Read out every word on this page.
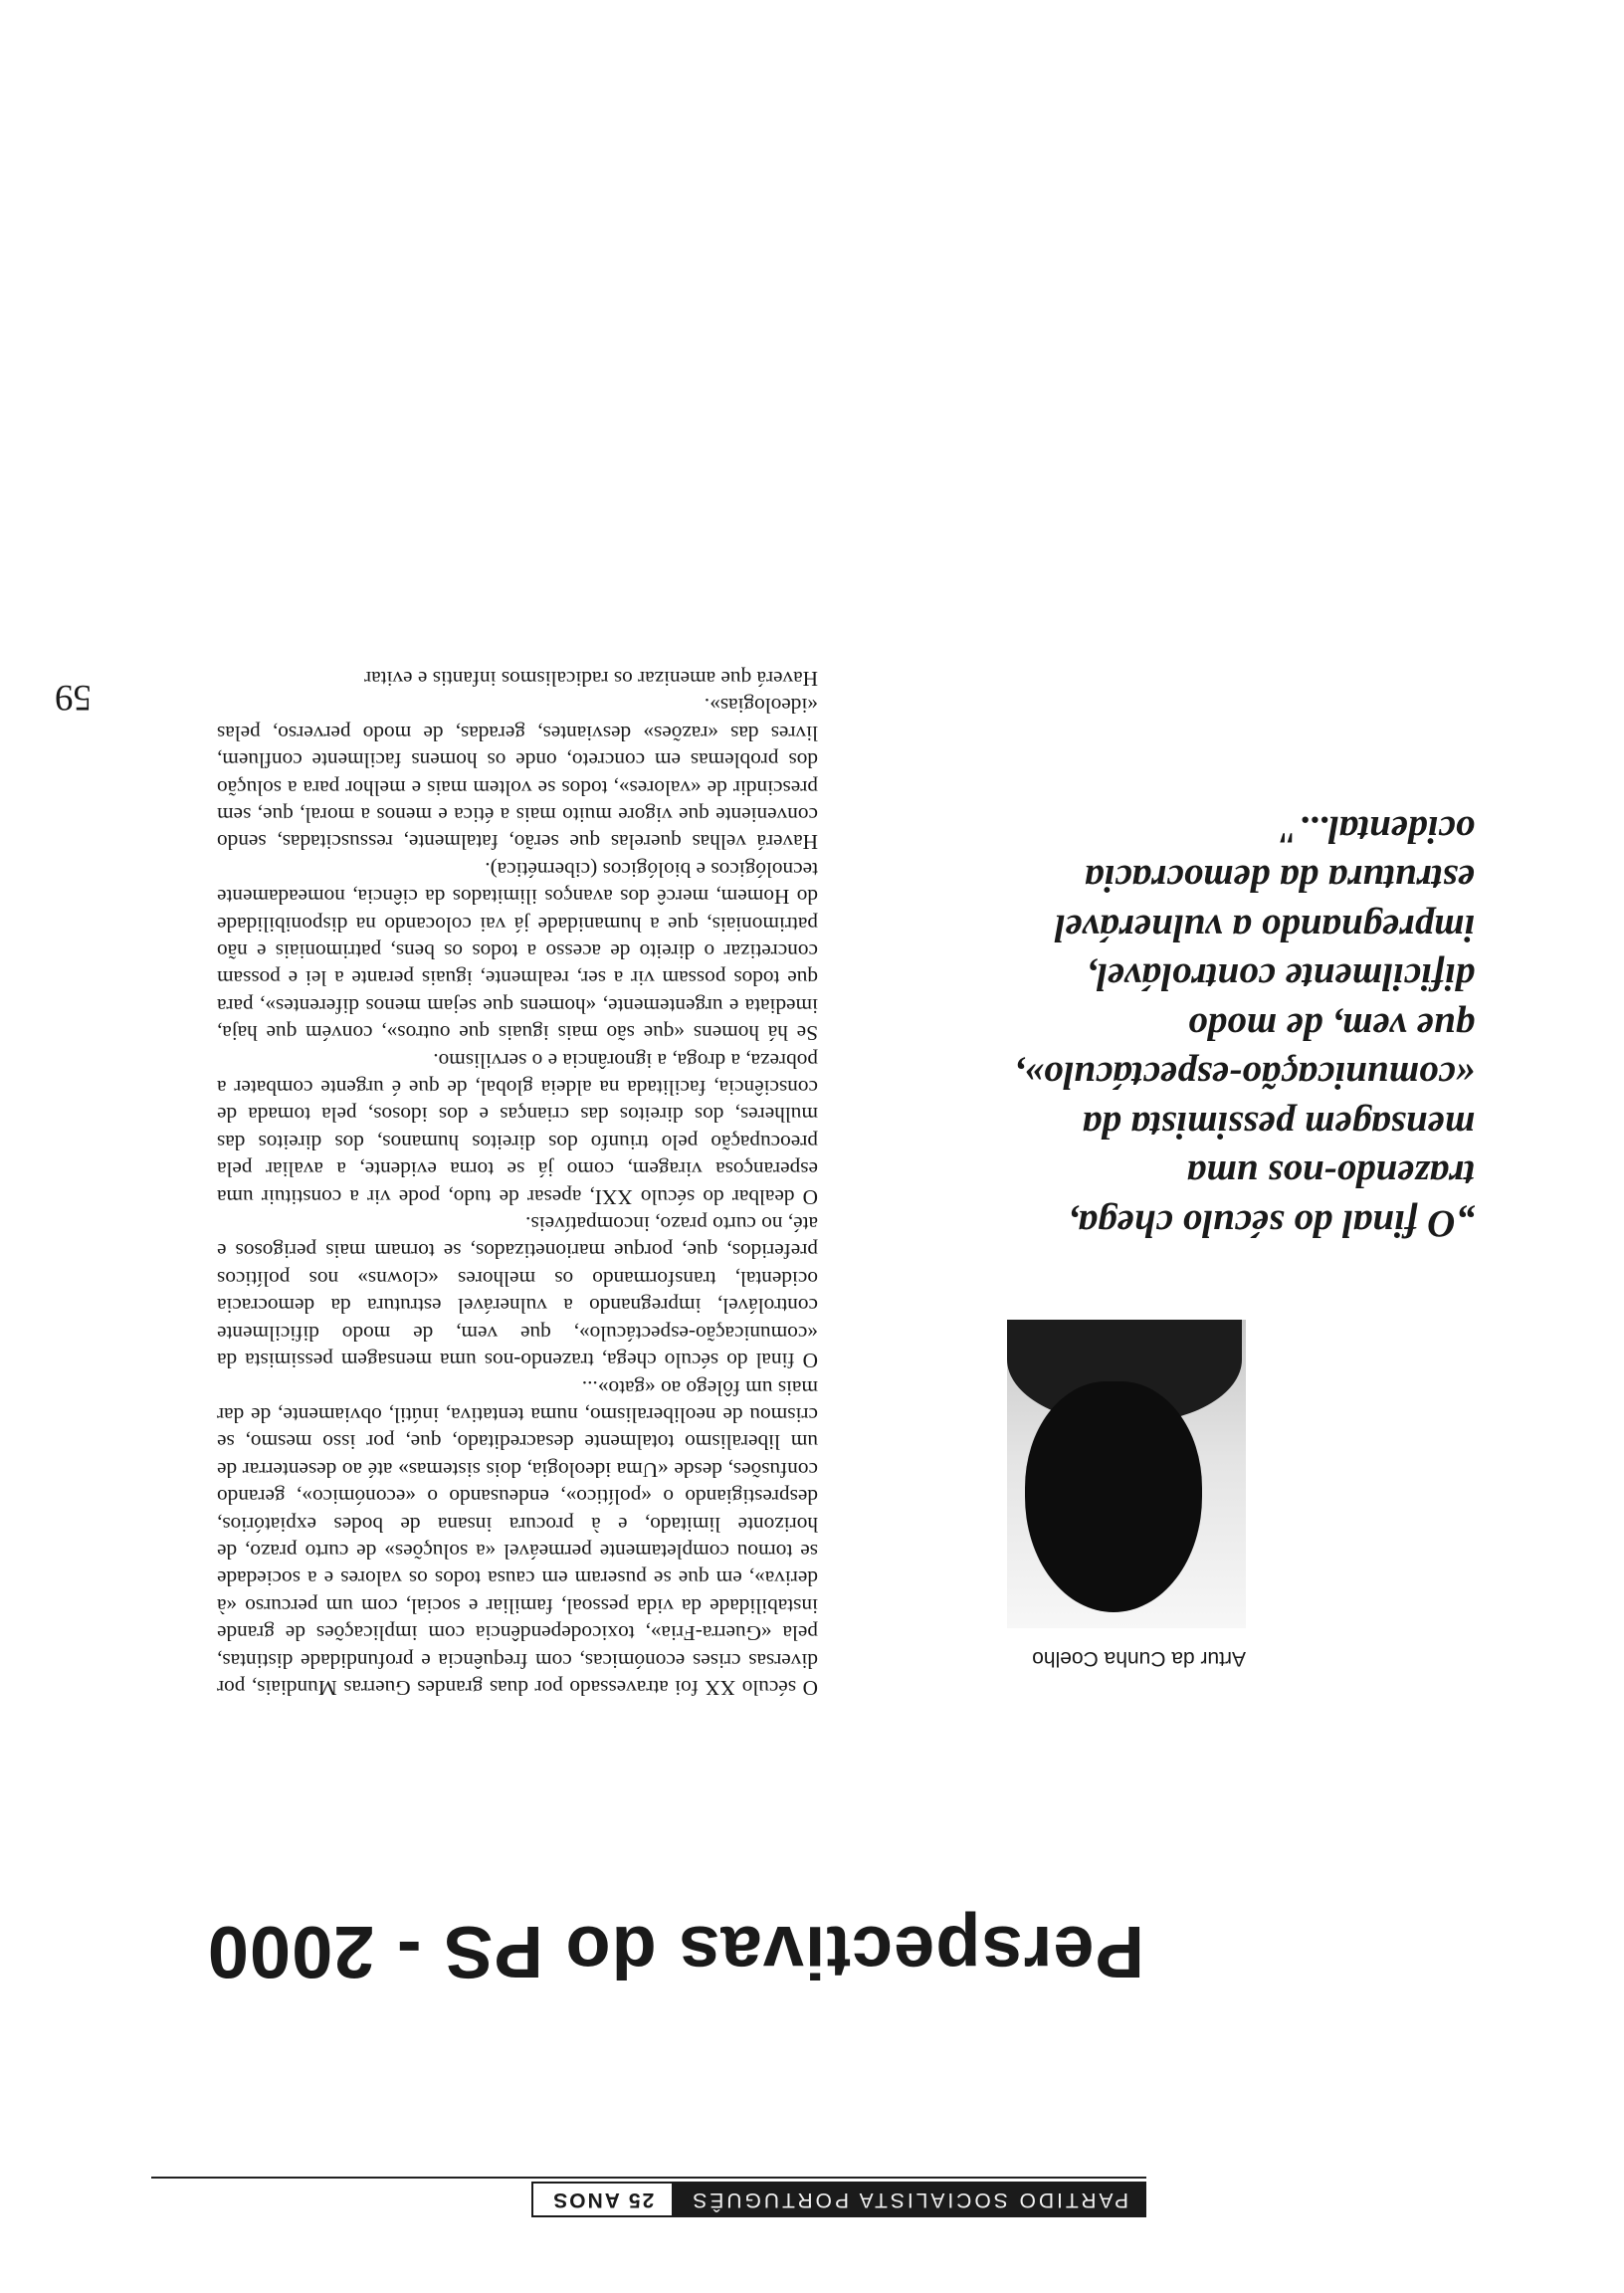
PARTIDO SOCIALISTA PORTUGUÊS
25 ANOS
Perspectivas do PS - 2000
Artur da Cunha Coelho

„O final do século chega, trazendo-nos uma mensagem pessimista da «comunicação-espectáculo», que vem, de modo dificilmente controlável, impregnando a vulnerável estrutura da democracia ocidental..."

O século XX foi atravessado por duas grandes Guerras Mundiais, por diversas crises económicas, com frequência e profundidade distintas, pela «Guerra-Fria», toxicodependência com implicações de grande instabilidade da vida pessoal, familiar e social, com um percurso «à deriva», em que se puseram em causa todos os valores e a sociedade se tornou completamente permeável «a soluções» de curto prazo, de horizonte limitado, e à procura insana de bodes expiatórios, desprestigiando o «político», endeusando o «económico», gerando confusões, desde «Uma ideologia, dois sistemas» até ao desenterrar de um liberalismo totalmente desacreditado, que, por isso mesmo, se crismou de neoliberalismo, numa tentativa, inútil, obviamente, de dar mais um fôlego ao «gato»...

O final do século chega, trazendo-nos uma mensagem pessimista da «comunicação-espectáculo», que vem, de modo dificilmente controlável, impregnando a vulnerável estrutura da democracia ocidental, transformando os melhores «clowns» nos políticos preferidos, que, porque marionetizados, se tornam mais perigosos e até, no curto prazo, incompatíveis.

O dealbar do século XXI, apesar de tudo, pode vir a constituir uma esperançosa viragem, como já se torna evidente, a avaliar pela preocupação pelo triunfo dos direitos humanos, dos direitos das mulheres, dos direitos das crianças e dos idosos, pela tomada de consciência, facilitada na aldeia global, de que é urgente combater a pobreza, a droga, a ignorância e o servilismo.

Se há homens «que são mais iguais que outros», convém que haja, imediata e urgentemente, «homens que sejam menos diferentes», para que todos possam vir a ser, realmente, iguais perante a lei e possam concretizar o direito de acesso a todos os bens, patrimoniais e não patrimoniais, que a humanidade já vai colocando na disponibilidade do Homem, mercê dos avanços ilimitados da ciência, nomeadamente tecnológicos e biológicos (cibernética).

Haverá velhas querelas que serão, fatalmente, ressuscitadas, sendo conveniente que vigore muito mais a ética e menos a moral, que, sem prescindir de «valores», todos se voltem mais e melhor para a solução dos problemas em concreto, onde os homens facilmente confluem, livres das «razões» desviantes, geradas, de modo perverso, pelas «ideologias».

Haverá que amenizar os radicalismos infantis e evitar

59
